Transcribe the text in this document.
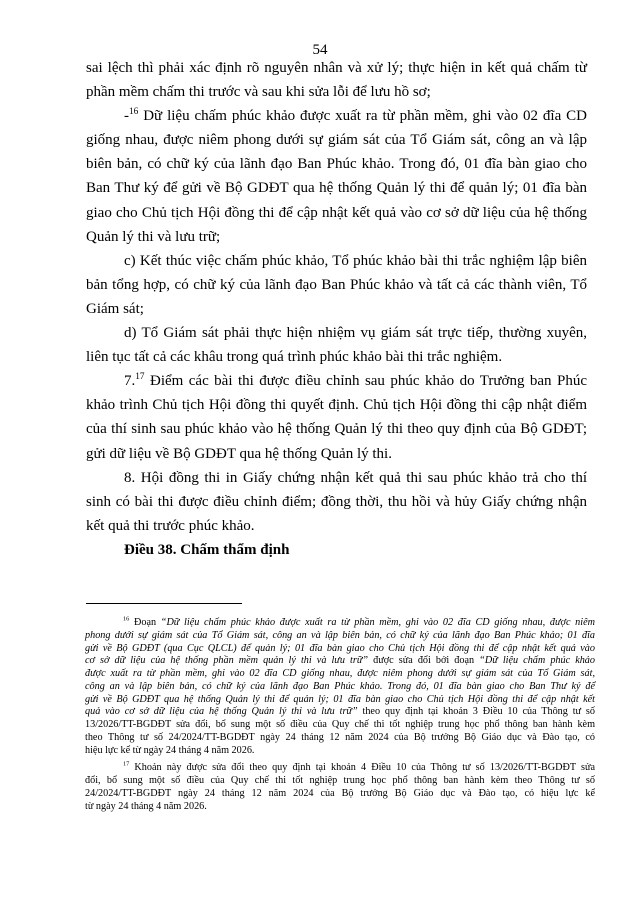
54
sai lệch thì phải xác định rõ nguyên nhân và xử lý; thực hiện in kết quả chấm từ
phần mềm chấm thi trước và sau khi sửa lỗi để lưu hồ sơ;
-$^{16}$ Dữ liệu chấm phúc khảo được xuất ra từ phần mềm, ghi vào 02 đĩa CD
giống nhau, được niêm phong dưới sự giám sát của Tổ Giám sát, công an và lập
biên bản, có chữ ký của lãnh đạo Ban Phúc khảo. Trong đó, 01 đĩa bàn giao cho
Ban Thư ký để gửi về Bộ GDĐT qua hệ thống Quản lý thi để quản lý; 01 đĩa bàn
giao cho Chủ tịch Hội đồng thi để cập nhật kết quả vào cơ sở dữ liệu của hệ thống
Quản lý thi và lưu trữ;
c) Kết thúc việc chấm phúc khảo, Tổ phúc khảo bài thi trắc nghiệm lập biên
bản tổng hợp, có chữ ký của lãnh đạo Ban Phúc khảo và tất cả các thành viên, Tổ
Giám sát;
d) Tổ Giám sát phải thực hiện nhiệm vụ giám sát trực tiếp, thường xuyên,
liên tục tất cả các khâu trong quá trình phúc khảo bài thi trắc nghiệm.
7.17 Điểm các bài thi được điều chỉnh sau phúc khảo do Trưởng ban Phúc
khảo trình Chủ tịch Hội đồng thi quyết định. Chủ tịch Hội đồng thi cập nhật điểm
của thí sinh sau phúc khảo vào hệ thống Quản lý thi theo quy định của Bộ GDĐT;
gửi dữ liệu về Bộ GDĐT qua hệ thống Quản lý thi.
8. Hội đồng thi in Giấy chứng nhận kết quả thi sau phúc khảo trả cho thí
sinh có bài thi được điều chỉnh điểm; đồng thời, thu hồi và hủy Giấy chứng nhận
kết quả thi trước phúc khảo.
Điều 38. Chấm thẩm định
$^{16}$ Đoạn “Dữ liệu chấm phúc khảo được xuất ra từ phần mềm, ghi vào 02 đĩa CD giống nhau, được niêm
phong dưới sự giám sát của Tổ Giám sát, công an và lập biên bản, có chữ ký của lãnh đạo Ban Phúc khảo; 01 đĩa
gửi về Bộ GDĐT (qua Cục QLCL) để quản lý; 01 đĩa bàn giao cho Chủ tịch Hội đồng thi để cập nhật kết quả vào
cơ sở dữ liệu của hệ thống phần mềm quản lý thi và lưu trữ” được sửa đổi bởi đoạn “Dữ liệu chấm phúc khảo
được xuất ra từ phần mềm, ghi vào 02 đĩa CD giống nhau, được niêm phong dưới sự giám sát của Tổ Giám sát,
công an và lập biên bản, có chữ ký của lãnh đạo Ban Phúc khảo. Trong đó, 01 đĩa bàn giao cho Ban Thư ký để
gửi về Bộ GDĐT qua hệ thống Quản lý thi để quản lý; 01 đĩa bàn giao cho Chủ tịch Hội đồng thi để cập nhật kết
quả vào cơ sở dữ liệu của hệ thống Quản lý thi và lưu trữ” theo quy định tại khoản 3 Điều 10 của Thông tư số
13/2026/TT-BGDĐT sửa đổi, bổ sung một số điều của Quy chế thi tốt nghiệp trung học phổ thông ban hành kèm
theo Thông tư số 24/2024/TT-BGDĐT ngày 24 tháng 12 năm 2024 của Bộ trưởng Bộ Giáo dục và Đào tạo, có
hiệu lực kể từ ngày 24 tháng 4 năm 2026.
$^{17}$ Khoản này được sửa đổi theo quy định tại khoản 4 Điều 10 của Thông tư số 13/2026/TT-BGDĐT sửa
đổi, bổ sung một số điều của Quy chế thi tốt nghiệp trung học phổ thông ban hành kèm theo Thông tư số
24/2024/TT-BGDĐT ngày 24 tháng 12 năm 2024 của Bộ trưởng Bộ Giáo dục và Đào tạo, có hiệu lực kể
từ ngày 24 tháng 4 năm 2026.
